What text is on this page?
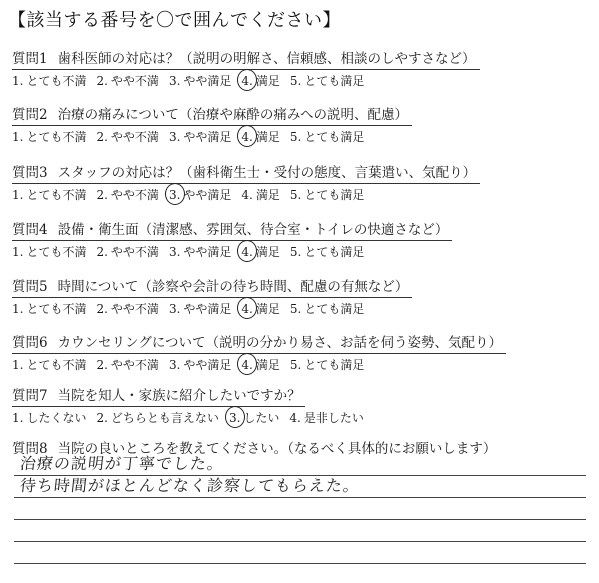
【該当する番号を〇で囲んでください】
質問1 歯科医師の対応は？（説明の明解さ、信頼感、相談のしやすさなど）
1. とても不満 2. やや不満 3. やや満足 4. 満足 5. とても満足
質問2 治療の痛みについて（治療や麻酔の痛みへの説明、配慮）
1. とても不満 2. やや不満 3. やや満足 4. 満足 5. とても満足
質問3 スタッフの対応は？（歯科衛生士・受付の態度、言葉遣い、気配り）
1. とても不満 2. やや不満 3. やや満足 4. 満足 5. とても満足
質問4 設備・衛生面（清潔感、雰囲気、待合室・トイレの快適さなど）
1. とても不満 2. やや不満 3. やや満足 4. 満足 5. とても満足
質問5 時間について（診察や会計の待ち時間、配慮の有無など）
1. とても不満 2. やや不満 3. やや満足 4. 満足 5. とても満足
質問6 カウンセリングについて（説明の分かり易さ、お話を伺う姿勢、気配り）
1. とても不満 2. やや不満 3. やや満足 4. 満足 5. とても満足
質問7 当院を知人・家族に紹介したいですか？
1. したくない 2. どちらとも言えない 3. したい 4. 是非したい
質問8 当院の良いところを教えてください。（なるべく具体的にお願いします）
治療の説明が丁寧でした。
待ち時間がほとんどなく診察してもらえた。
